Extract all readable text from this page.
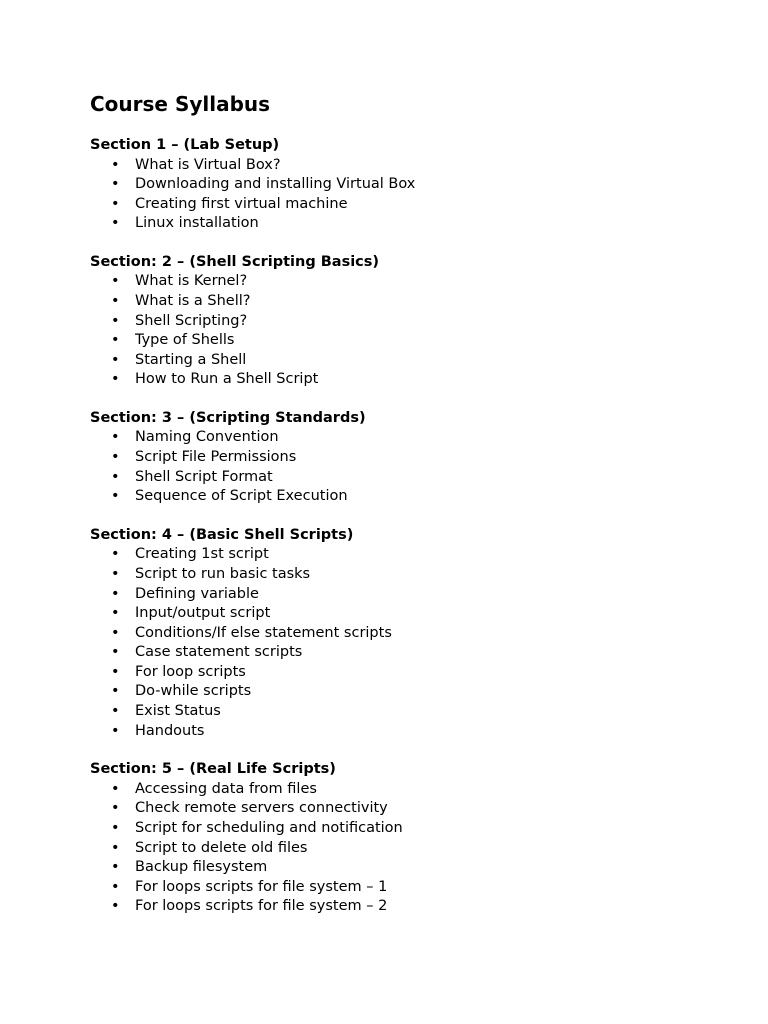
Course Syllabus
Section 1 – (Lab Setup)
• What is Virtual Box?
• Downloading and installing Virtual Box
• Creating first virtual machine
• Linux installation
Section: 2 – (Shell Scripting Basics)
• What is Kernel?
• What is a Shell?
• Shell Scripting?
• Type of Shells
• Starting a Shell
• How to Run a Shell Script
Section: 3 – (Scripting Standards)
• Naming Convention
• Script File Permissions
• Shell Script Format
• Sequence of Script Execution
Section: 4 – (Basic Shell Scripts)
• Creating 1st script
• Script to run basic tasks
• Defining variable
• Input/output script
• Conditions/If else statement scripts
• Case statement scripts
• For loop scripts
• Do-while scripts
• Exist Status
• Handouts
Section: 5 – (Real Life Scripts)
• Accessing data from files
• Check remote servers connectivity
• Script for scheduling and notification
• Script to delete old files
• Backup filesystem
• For loops scripts for file system – 1
• For loops scripts for file system – 2
